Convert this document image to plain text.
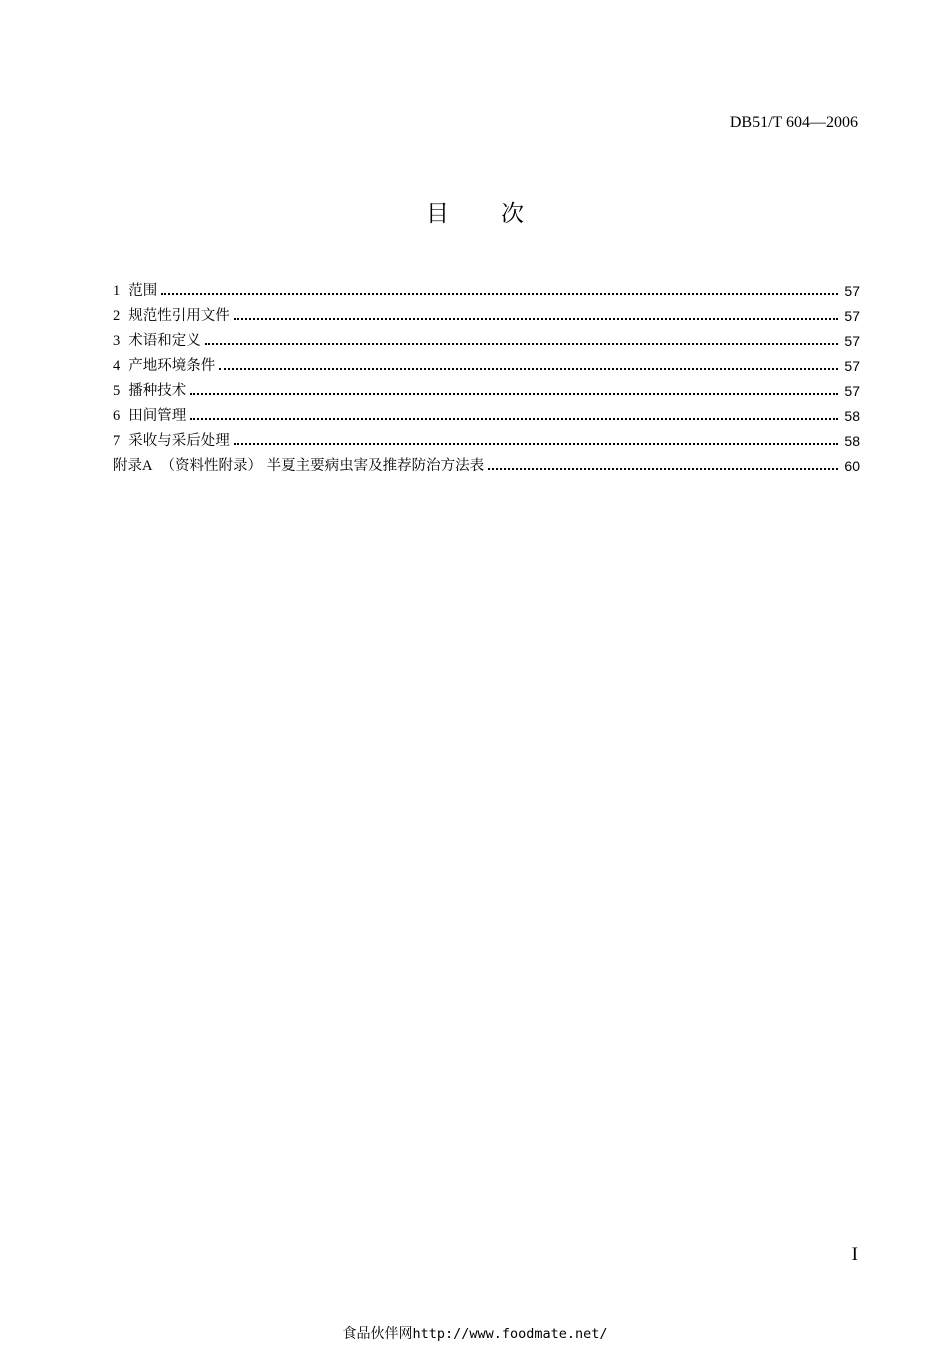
DB51/T 604—2006
目 次
1 范围	57
2 规范性引用文件	57
3 术语和定义	57
4 产地环境条件	57
5 播种技术	57
6 田间管理	58
7 采收与采后处理	58
附录A （资料性附录） 半夏主要病虫害及推荐防治方法表	60
I
食品伙伴网http://www.foodmate.net/
